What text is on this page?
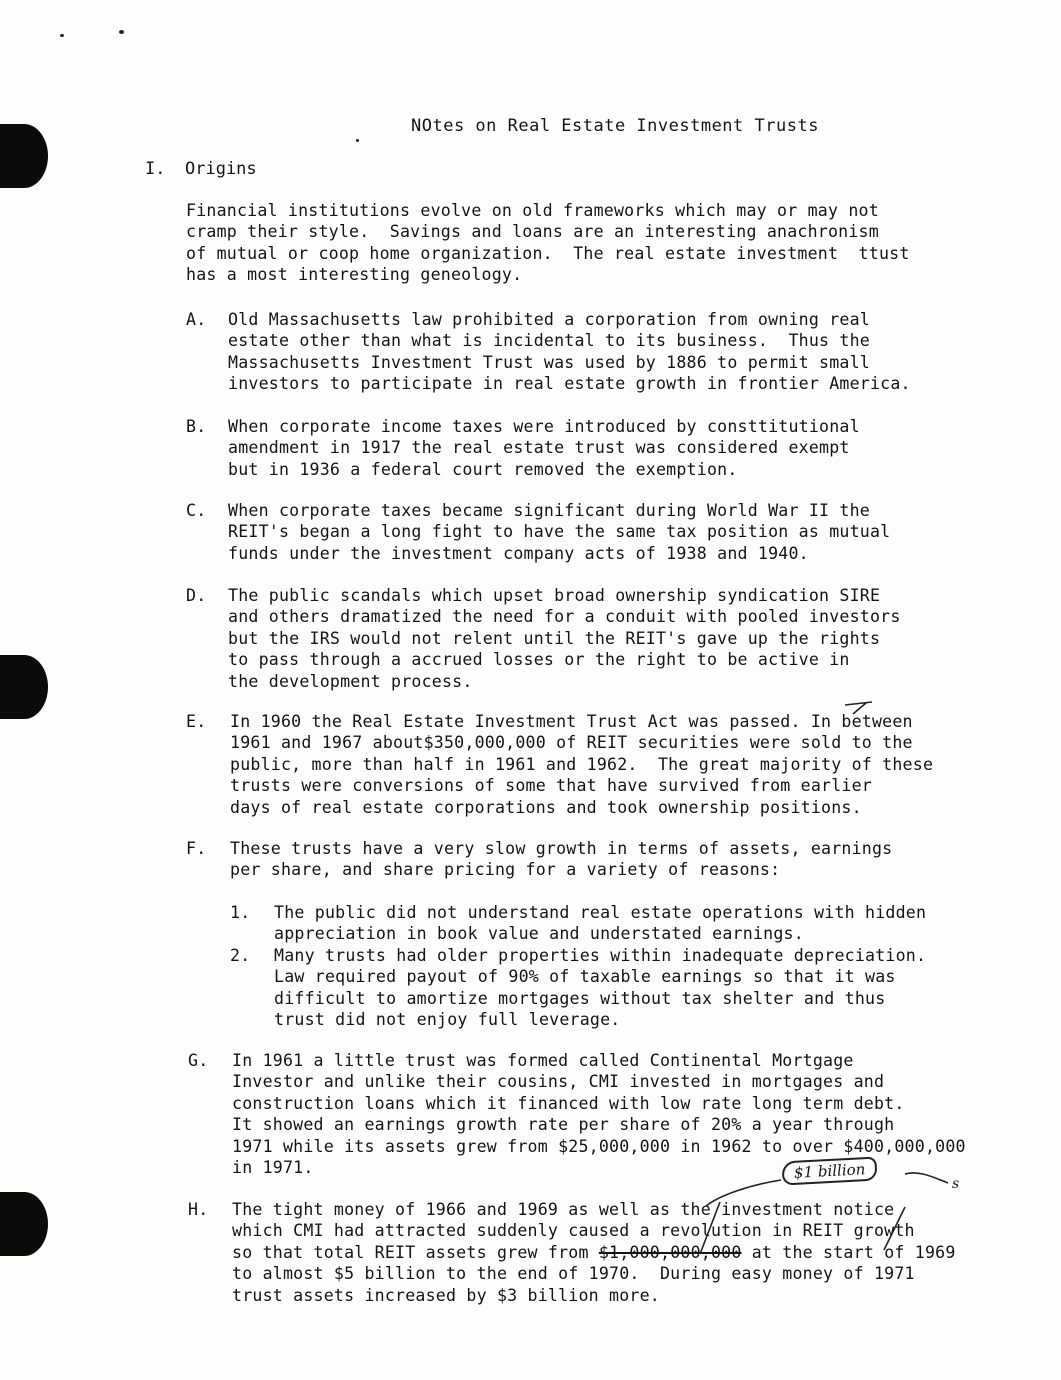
NOtes on Real Estate Investment Trusts
I. Origins
Financial institutions evolve on old frameworks which may or may not
cramp their style.  Savings and loans are an interesting anachronism
of mutual or coop home organization.  The real estate investment  ttust
has a most interesting geneology.
A. Old Massachusetts law prohibited a corporation from owning real
estate other than what is incidental to its business.  Thus the
Massachusetts Investment Trust was used by 1886 to permit small
investors to participate in real estate growth in frontier America.
B. When corporate income taxes were introduced by consttitutional
amendment in 1917 the real estate trust was considered exempt
but in 1936 a federal court removed the exemption.
C. When corporate taxes became significant during World War II the
REIT's began a long fight to have the same tax position as mutual
funds under the investment company acts of 1938 and 1940.
D. The public scandals which upset broad ownership syndication SIRE
and others dramatized the need for a conduit with pooled investors
but the IRS would not relent until the REIT's gave up the rights
to pass through a accrued losses or the right to be active in
the development process.
E. In 1960 the Real Estate Investment Trust Act was passed. In between
1961 and 1967 about$350,000,000 of REIT securities were sold to the
public, more than half in 1961 and 1962.  The great majority of these
trusts were conversions of some that have survived from earlier
days of real estate corporations and took ownership positions.
F. These trusts have a very slow growth in terms of assets, earnings
per share, and share pricing for a variety of reasons:
1. The public did not understand real estate operations with hidden
appreciation in book value and understated earnings.
2. Many trusts had older properties within inadequate depreciation.
Law required payout of 90% of taxable earnings so that it was
difficult to amortize mortgages without tax shelter and thus
trust did not enjoy full leverage.
G. In 1961 a little trust was formed called Continental Mortgage
Investor and unlike their cousins, CMI invested in mortgages and
construction loans which it financed with low rate long term debt.
It showed an earnings growth rate per share of 20% a year through
1971 while its assets grew from $25,000,000 in 1962 to over $400,000,000
in 1971.
H. The tight money of 1966 and 1969 as well as the investment notice
which CMI had attracted suddenly caused a revolution in REIT growth
so that total REIT assets grew from $1,000,000,000 at the start of 1969
to almost $5 billion to the end of 1970.  During easy money of 1971
trust assets increased by $3 billion more.
$1 billion
s
